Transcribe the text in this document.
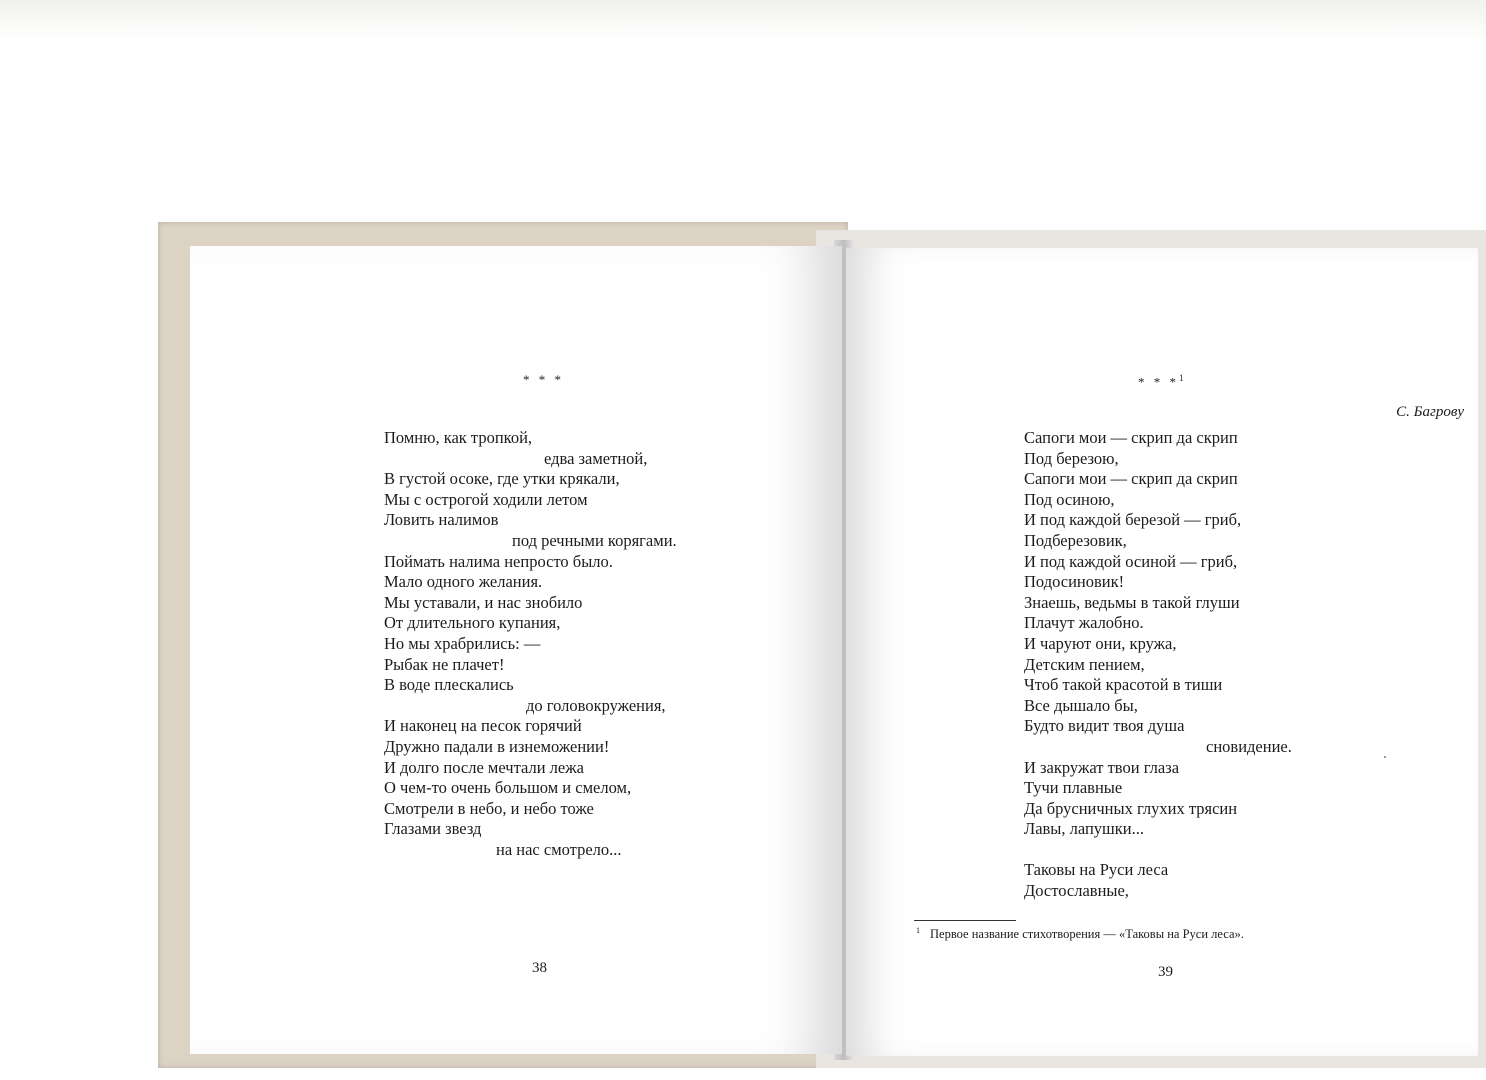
* * *
Помню, как тропкой,
едва заметной,
В густой осоке, где утки крякали,
Мы с острогой ходили летом
Ловить налимов
под речными корягами.
Поймать налима непросто было.
Мало одного желания.
Мы уставали, и нас знобило
От длительного купания,
Но мы храбрились: —
Рыбак не плачет!
В воде плескались
до головокружения,
И наконец на песок горячий
Дружно падали в изнеможении!
И долго после мечтали лежа
О чем-то очень большом и смелом,
Смотрели в небо, и небо тоже
Глазами звезд
на нас смотрело...
38
* * *$^1$
С. Багрову
Сапоги мои — скрип да скрип
Под березою,
Сапоги мои — скрип да скрип
Под осиною,
И под каждой березой — гриб,
Подберезовик,
И под каждой осиной — гриб,
Подосиновик!
Знаешь, ведьмы в такой глуши
Плачут жалобно.
И чаруют они, кружа,
Детским пением,
Чтоб такой красотой в тиши
Все дышало бы,
Будто видит твоя душа
сновидение.
И закружат твои глаза
Тучи плавные
Да брусничных глухих трясин
Лавы, лапушки...
Таковы на Руси леса
Достославные,
$^1$ Первое название стихотворения — «Таковы на Руси леса».
39
